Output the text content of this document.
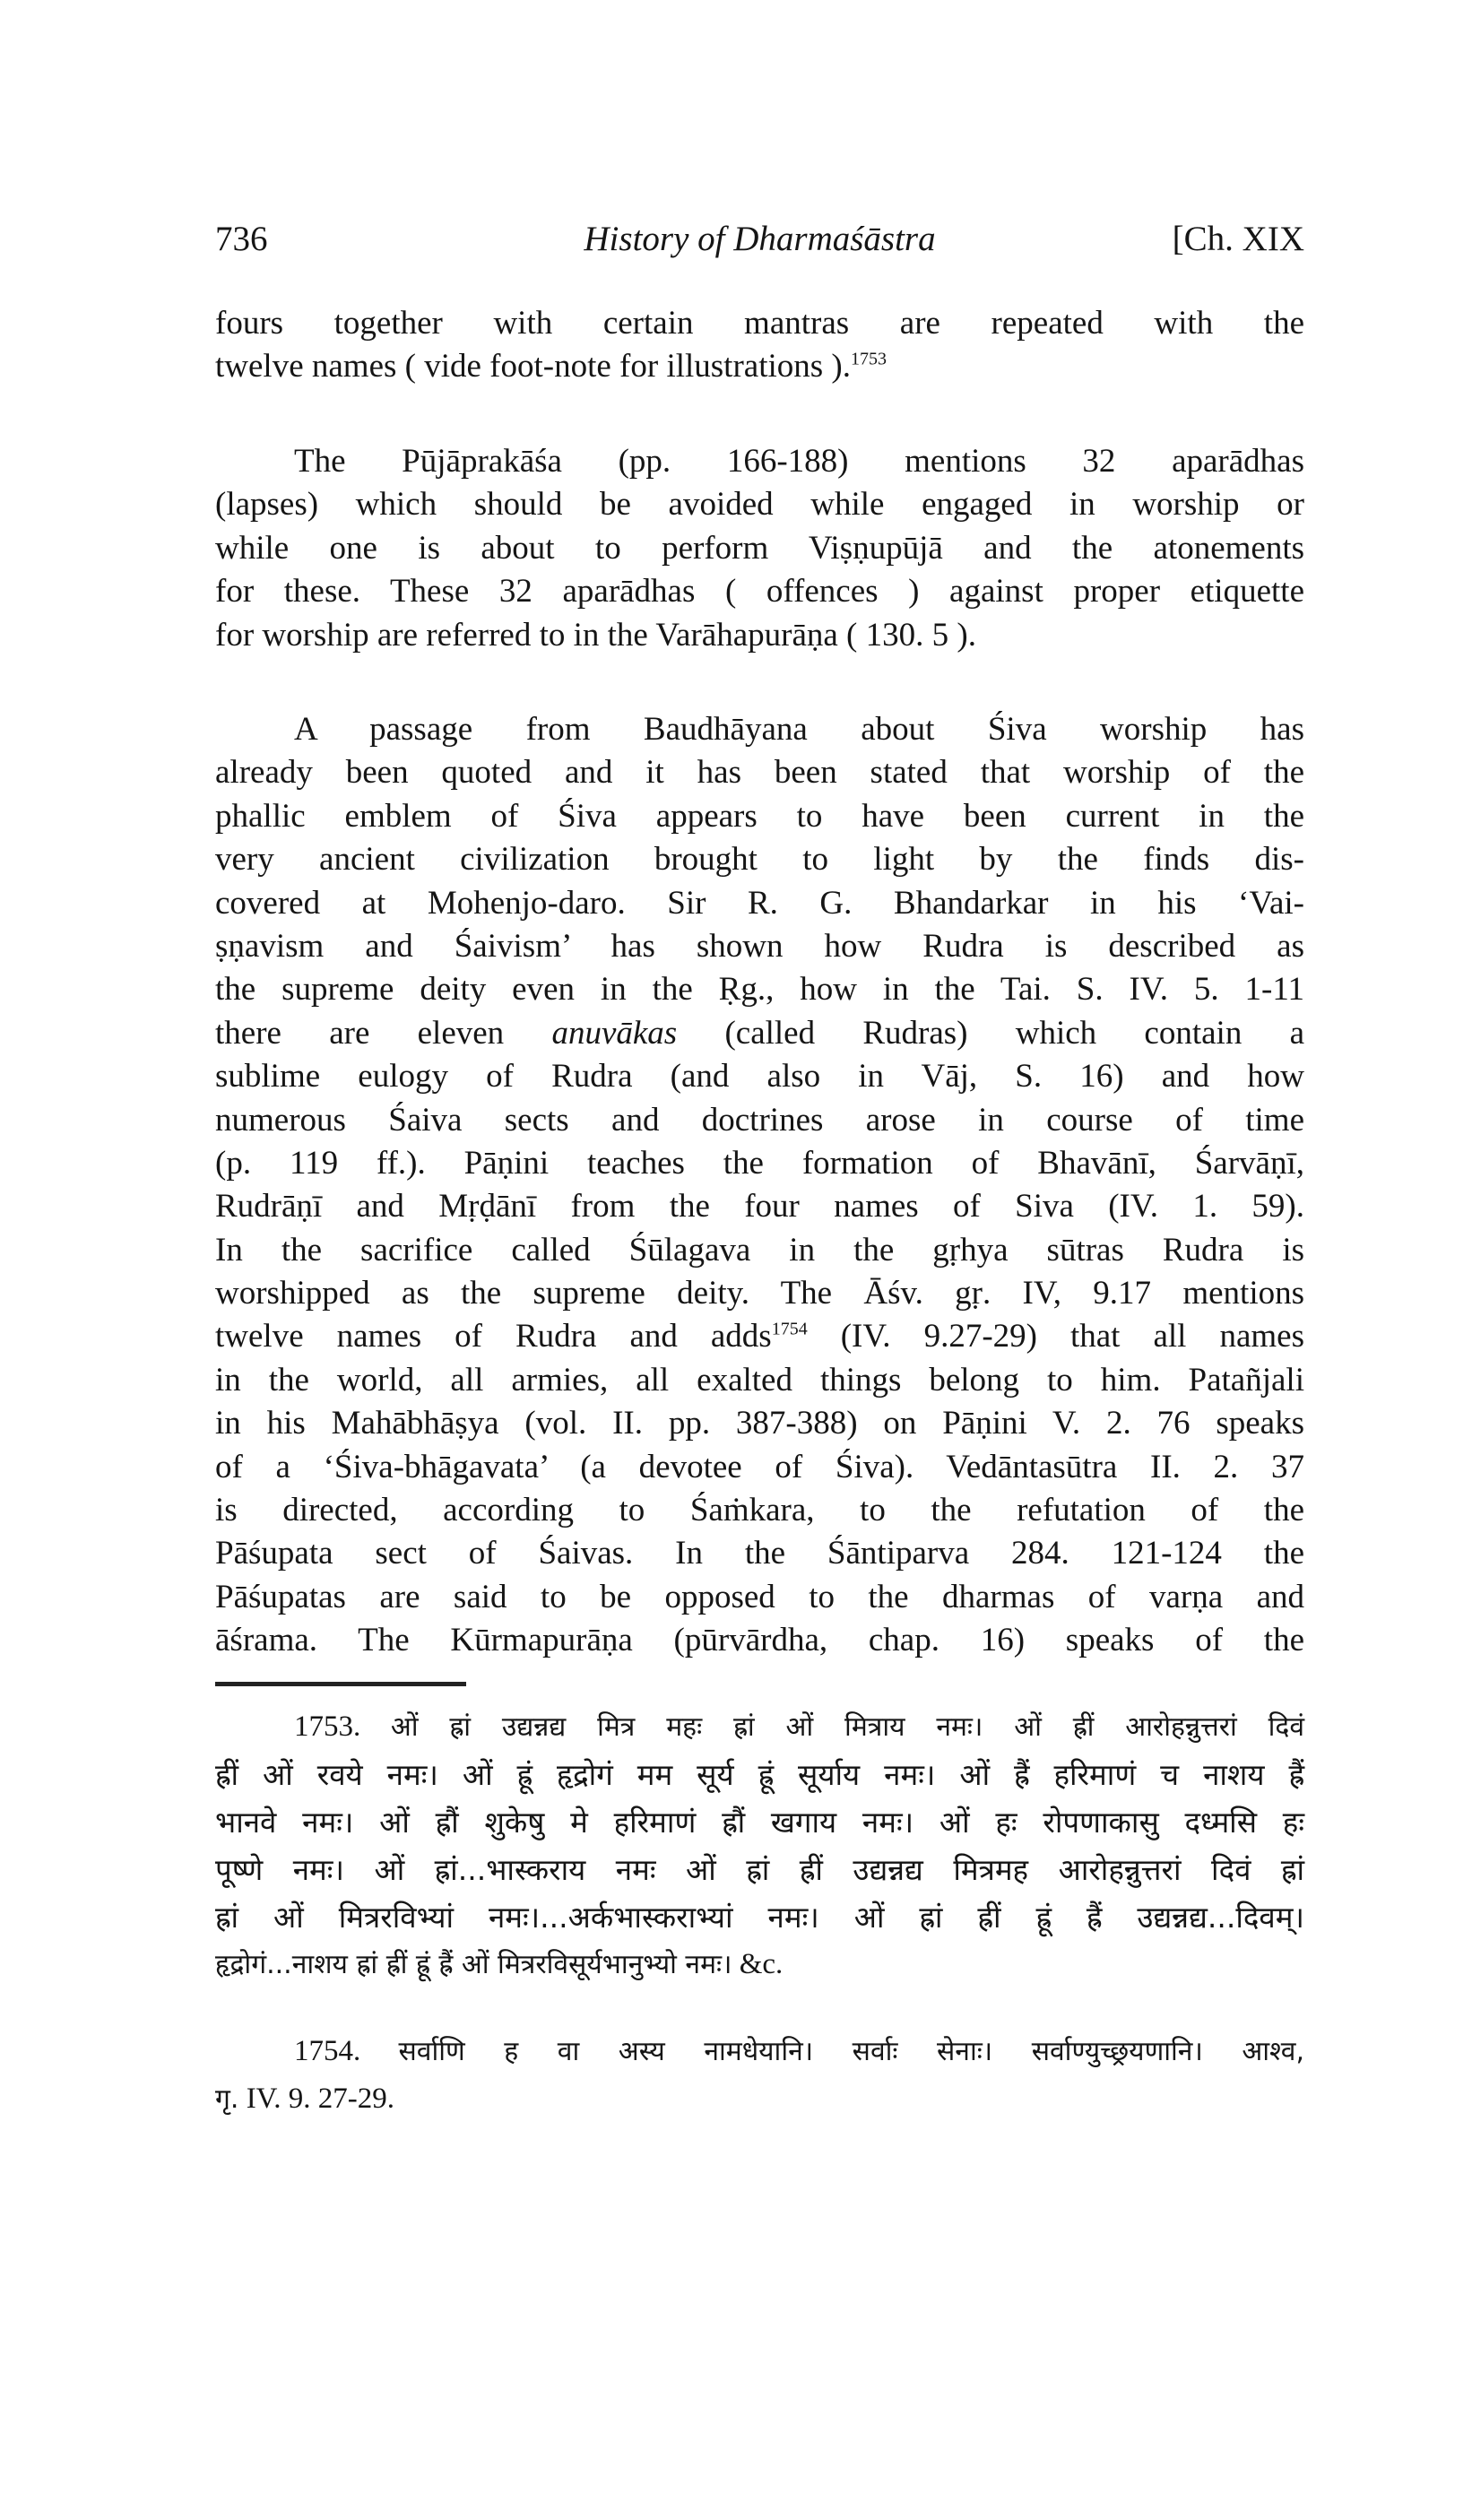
736	History of Dharmaśāstra	[Ch. XIX
fours together with certain mantras are repeated with the
twelve names ( vide foot-note for illustrations ).$^{1753}$
The Pūjāprakāśa (pp. 166-188) mentions 32 aparādhas
(lapses) which should be avoided while engaged in worship or
while one is about to perform Viṣṇupūjā and the atonements
for these. These 32 aparādhas ( offences ) against proper etiquette
for worship are referred to in the Varāhapurāṇa ( 130. 5 ).
A passage from Baudhāyana about Śiva worship has
already been quoted and it has been stated that worship of the
phallic emblem of Śiva appears to have been current in the
very ancient civilization brought to light by the finds dis-
covered at Mohenjo-daro. Sir R. G. Bhandarkar in his ‘Vai-
ṣṇavism and Śaivism’ has shown how Rudra is described as
the supreme deity even in the Ṛg., how in the Tai. S. IV. 5. 1-11
there are eleven anuvākas (called Rudras) which contain a
sublime eulogy of Rudra (and also in Vāj, S. 16) and how
numerous Śaiva sects and doctrines arose in course of time
(p. 119 ff.). Pāṇini teaches the formation of Bhavānī, Śarvāṇī,
Rudrāṇī and Mṛḍānī from the four names of Siva (IV. 1. 59).
In the sacrifice called Śūlagava in the gṛhya sūtras Rudra is
worshipped as the supreme deity. The Āśv. gṛ. IV, 9.17 mentions
twelve names of Rudra and adds$^{1754}$ (IV. 9.27-29) that all names
in the world, all armies, all exalted things belong to him. Patañjali
in his Mahābhāṣya (vol. II. pp. 387-388) on Pāṇini V. 2. 76 speaks
of a ‘Śiva-bhāgavata’ (a devotee of Śiva). Vedāntasūtra II. 2. 37
is directed, according to Śaṁkara, to the refutation of the
Pāśupata sect of Śaivas. In the Śāntiparva 284. 121-124 the
Pāśupatas are said to be opposed to the dharmas of varṇa and
āśrama. The Kūrmapurāṇa (pūrvārdha, chap. 16) speaks of the
1753. ओं ह्रां उद्यन्नद्य मित्र महः ह्रां ओं मित्राय नमः। ओं ह्रीं आरोहन्नुत्तरां दिवं
ह्रीं ओं रवये नमः। ओं ह्रूं हृद्रोगं मम सूर्य ह्रूं सूर्याय नमः। ओं ह्रैं हरिमाणं च नाशय ह्रैं
भानवे नमः। ओं ह्रौं शुकेषु मे हरिमाणं ह्रौं खगाय नमः। ओं हः रोपणाकासु दध्मसि हः
पूष्णे नमः। ओं ह्रां...भास्कराय नमः ओं ह्रां ह्रीं उद्यन्नद्य मित्रमह आरोहन्नुत्तरां दिवं ह्रां
ह्रां ओं मित्ररविभ्यां नमः।...अर्कभास्कराभ्यां नमः। ओं ह्रां ह्रीं ह्रूं ह्रैं उद्यन्नद्य...दिवम्।
हृद्रोगं...नाशय ह्रां ह्रीं ह्रूं ह्रैं ओं मित्ररविसूर्यभानुभ्यो नमः। &c.
1754. सर्वाणि ह वा अस्य नामधेयानि। सर्वाः सेनाः। सर्वाण्युच्छ्रयणानि। आश्व,
गृ. IV. 9. 27-29.
